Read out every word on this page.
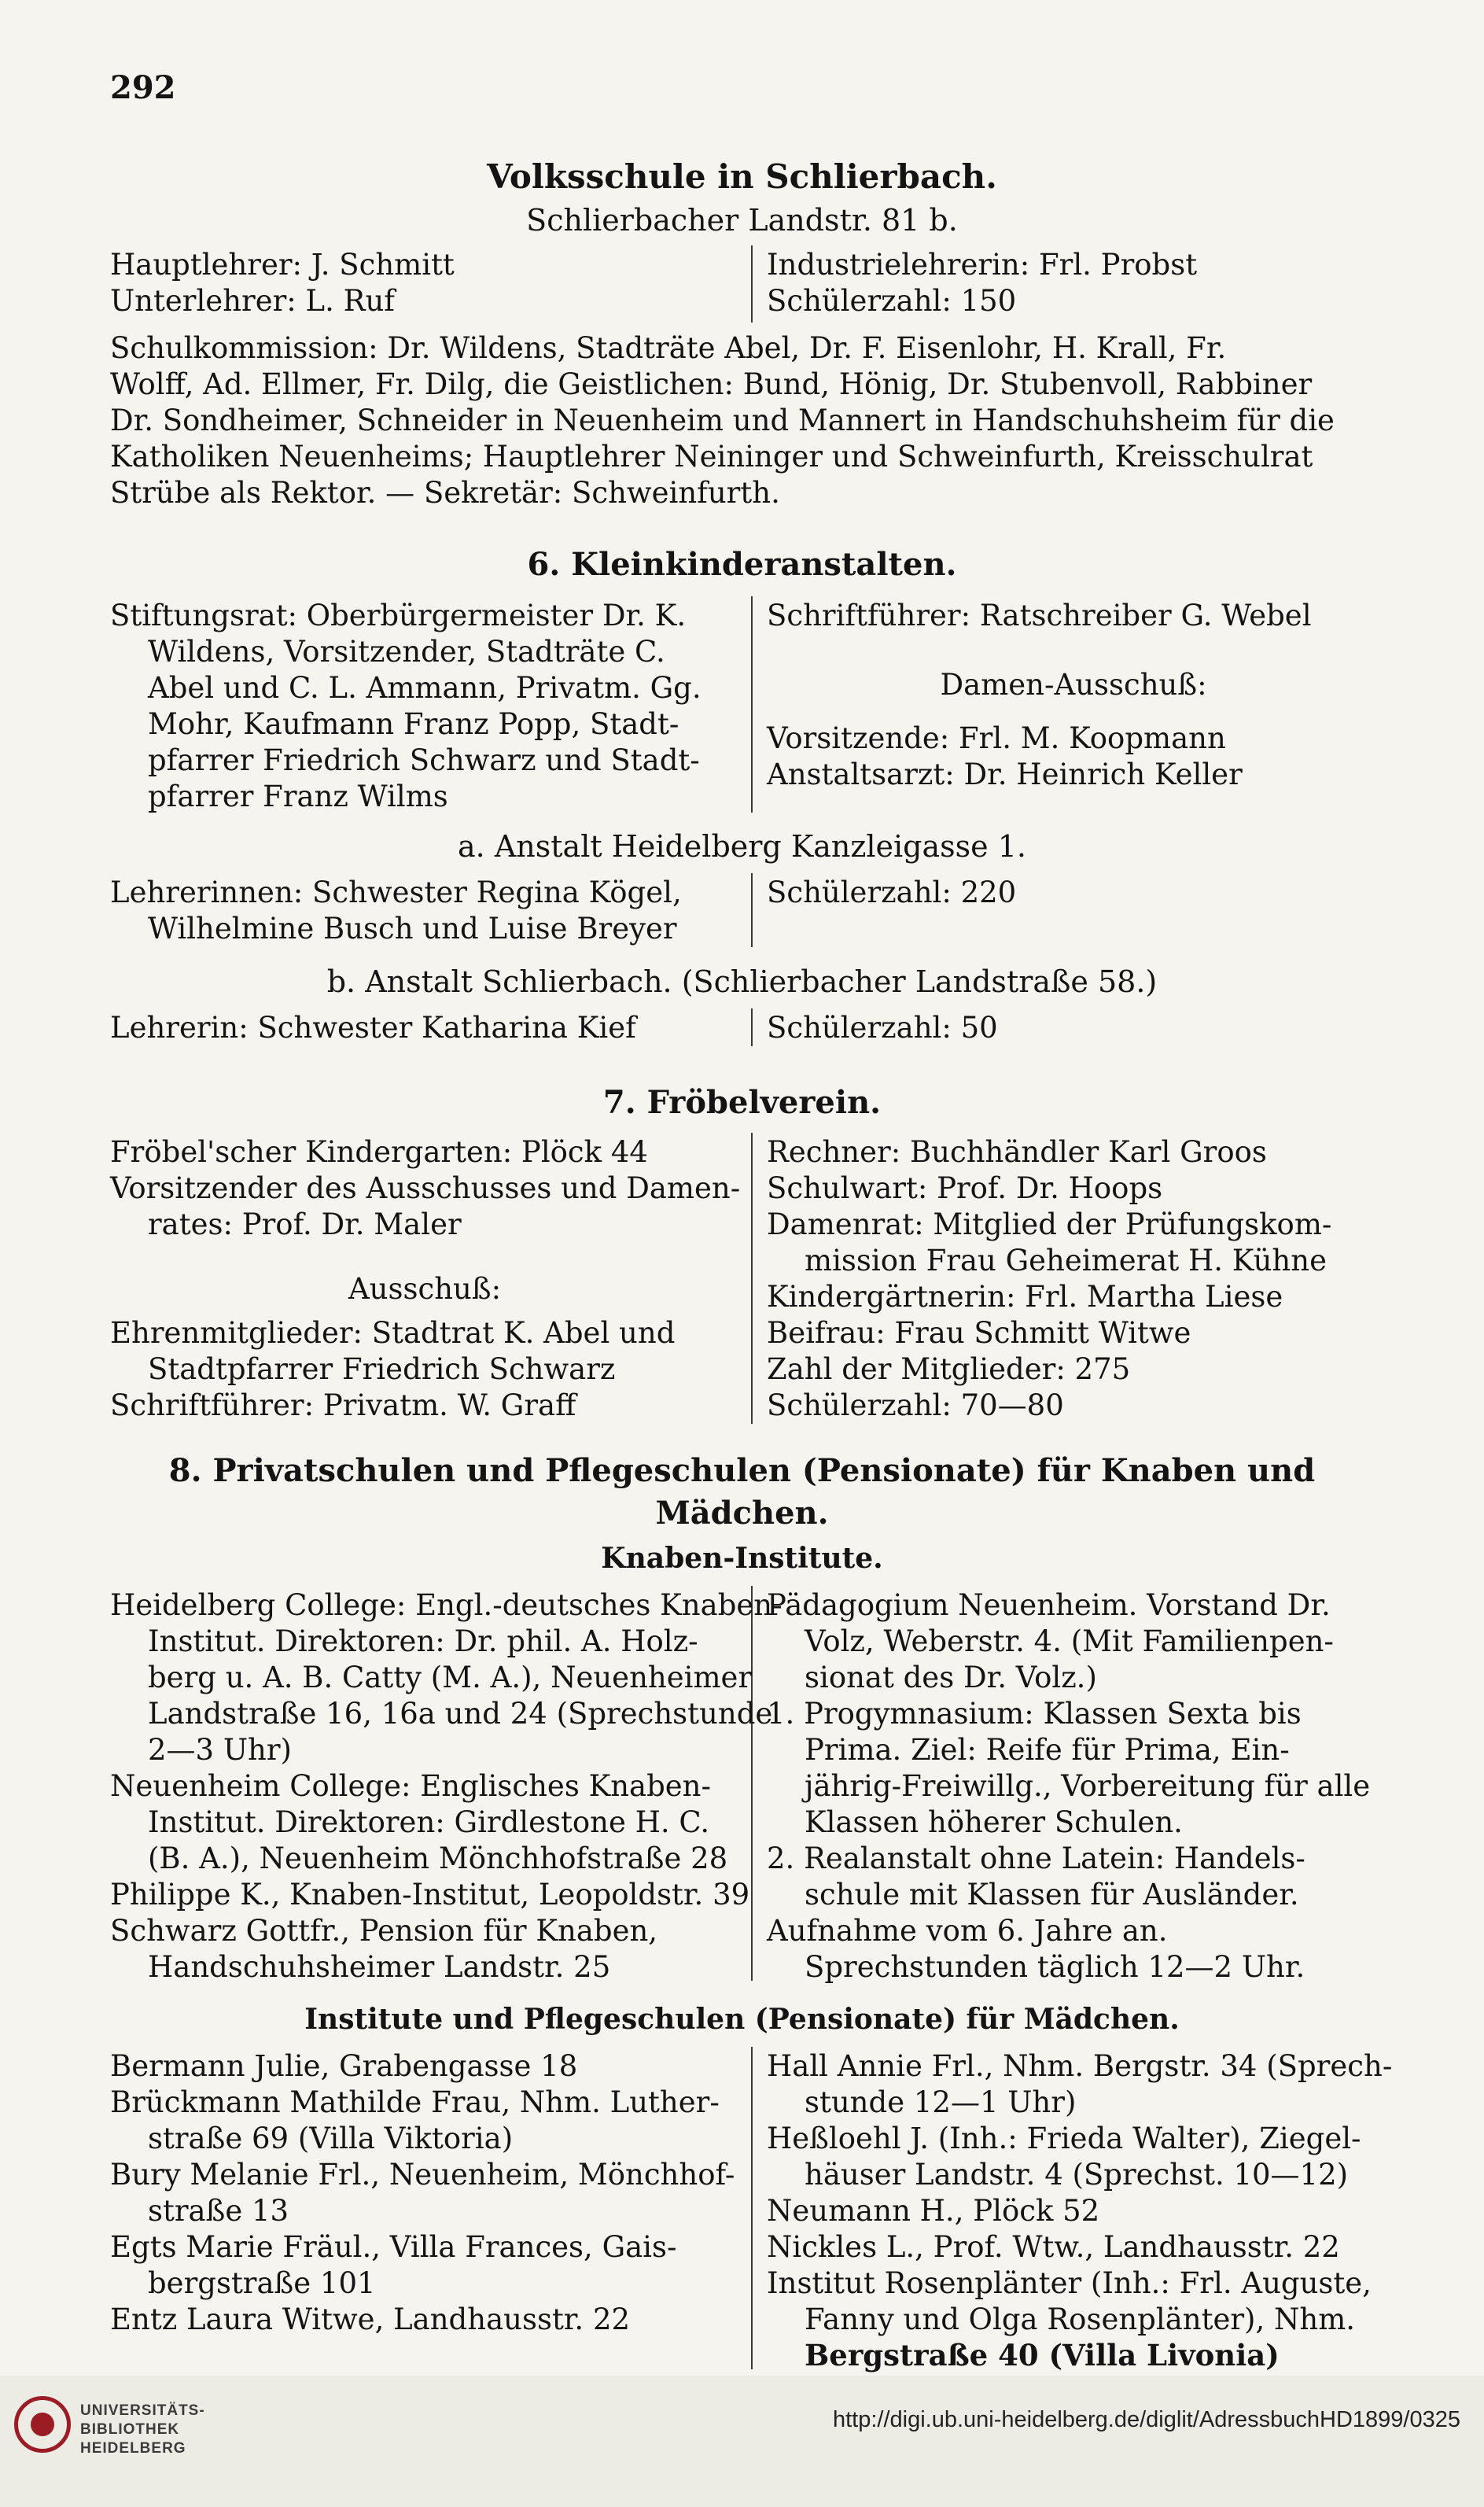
292
Volksschule in Schlierbach.
Schlierbacher Landstr. 81 b.
Hauptlehrer: J. Schmitt
Unterlehrer: L. Ruf
Industrielehrerin: Frl. Probst
Schülerzahl: 150
Schulkommission: Dr. Wildens, Stadträte Abel, Dr. F. Eisenlohr, H. Krall, Fr.
Wolff, Ad. Ellmer, Fr. Dilg, die Geistlichen: Bund, Hönig, Dr. Stubenvoll, Rabbiner
Dr. Sondheimer, Schneider in Neuenheim und Mannert in Handschuhsheim für die
Katholiken Neuenheims; Hauptlehrer Neininger und Schweinfurth, Kreisschulrat
Strübe als Rektor. — Sekretär: Schweinfurth.
6. Kleinkinderanstalten.
Stiftungsrat: Oberbürgermeister Dr. K.
Wildens, Vorsitzender, Stadträte C.
Abel und C. L. Ammann, Privatm. Gg.
Mohr, Kaufmann Franz Popp, Stadt-
pfarrer Friedrich Schwarz und Stadt-
pfarrer Franz Wilms
Schriftführer: Ratschreiber G. Webel
Damen-Ausschuß:
Vorsitzende: Frl. M. Koopmann
Anstaltsarzt: Dr. Heinrich Keller
a. Anstalt Heidelberg Kanzleigasse 1.
Lehrerinnen: Schwester Regina Kögel,
Wilhelmine Busch und Luise Breyer
Schülerzahl: 220
b. Anstalt Schlierbach. (Schlierbacher Landstraße 58.)
Lehrerin: Schwester Katharina Kief	Schülerzahl: 50
7. Fröbelverein.
Fröbel'scher Kindergarten: Plöck 44
Vorsitzender des Ausschusses und Damen-
rates: Prof. Dr. Maler
Ausschuß:
Ehrenmitglieder: Stadtrat K. Abel und
Stadtpfarrer Friedrich Schwarz
Schriftführer: Privatm. W. Graff
Rechner: Buchhändler Karl Groos
Schulwart: Prof. Dr. Hoops
Damenrat: Mitglied der Prüfungskom-
mission Frau Geheimerat H. Kühne
Kindergärtnerin: Frl. Martha Liese
Beifrau: Frau Schmitt Witwe
Zahl der Mitglieder: 275
Schülerzahl: 70—80
8. Privatschulen und Pflegeschulen (Pensionate) für Knaben und
Mädchen.
Knaben-Institute.
Heidelberg College: Engl.-deutsches Knaben-
Institut. Direktoren: Dr. phil. A. Holz-
berg u. A. B. Catty (M. A.), Neuenheimer
Landstraße 16, 16a und 24 (Sprechstunde
2—3 Uhr)
Neuenheim College: Englisches Knaben-
Institut. Direktoren: Girdlestone H. C.
(B. A.), Neuenheim Mönchhofstraße 28
Philippe K., Knaben-Institut, Leopoldstr. 39
Schwarz Gottfr., Pension für Knaben,
Handschuhsheimer Landstr. 25
Pädagogium Neuenheim. Vorstand Dr.
Volz, Weberstr. 4. (Mit Familienpen-
sionat des Dr. Volz.)
1. Progymnasium: Klassen Sexta bis
Prima. Ziel: Reife für Prima, Ein-
jährig-Freiwillg., Vorbereitung für alle
Klassen höherer Schulen.
2. Realanstalt ohne Latein: Handels-
schule mit Klassen für Ausländer.
Aufnahme vom 6. Jahre an.
Sprechstunden täglich 12—2 Uhr.
Institute und Pflegeschulen (Pensionate) für Mädchen.
Bermann Julie, Grabengasse 18
Brückmann Mathilde Frau, Nhm. Luther-
straße 69 (Villa Viktoria)
Bury Melanie Frl., Neuenheim, Mönchhof-
straße 13
Egts Marie Fräul., Villa Frances, Gais-
bergstraße 101
Entz Laura Witwe, Landhausstr. 22
Hall Annie Frl., Nhm. Bergstr. 34 (Sprech-
stunde 12—1 Uhr)
Heßloehl J. (Inh.: Frieda Walter), Ziegel-
häuser Landstr. 4 (Sprechst. 10—12)
Neumann H., Plöck 52
Nickles L., Prof. Wtw., Landhausstr. 22
Institut Rosenplänter (Inh.: Frl. Auguste,
Fanny und Olga Rosenplänter), Nhm.
Bergstraße 40 (Villa Livonia)
UNIVERSITÄTS-
BIBLIOTHEK
HEIDELBERG
http://digi.ub.uni-heidelberg.de/diglit/AdressbuchHD1899/0325
